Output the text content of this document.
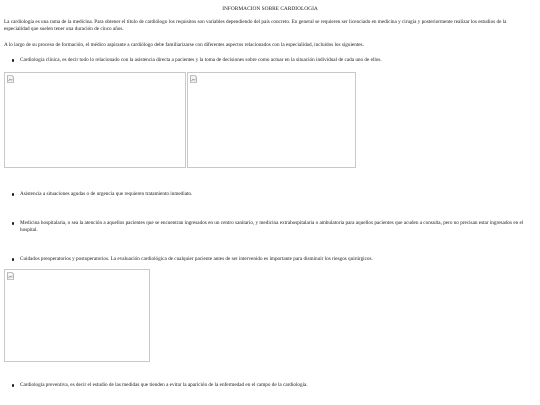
INFORMACION SOBRE CARDIOLOGIA
La cardiología es una rama de la medicina. Para obtener el título de cardiólogo los requisitos son variables dependiendo del país concreto. En general se requieren ser licenciado en medicina y cirugía y posteriormente realizar los estudios de la especialidad que suelen tener una duración de cinco años.
A lo largo de su proceso de formación, el médico aspirante a cardiólogo debe familiarizarse con diferentes aspectos relacionados con la especialidad, incluidos los siguientes.
Cardiología clínica, es decir todo lo relacionado con la asistencia directa a pacientes y la toma de decisiones sobre como actuar en la situación individual de cada uno de ellos.
Asistencia a situaciones agudas o de urgencia que requieren tratamiento inmediato.
Medicina hospitalaria, o sea la atención a aquellos pacientes que se encuentran ingresados en un centro sanitario, y medicina extrahospitalaria o ambulatoria para aquellos pacientes que acuden a consulta, pero no precisan estar ingresados en el hospital.
Cuidados preoperatorios y postoperatorios. La evaluación cardiológica de cualquier paciente antes de ser intervenido es importante para disminuir los riesgos quirúrgicos.
Cardiología preventiva, es decir el estudio de las medidas que tienden a evitar la aparición de la enfermedad en el campo de la cardiología.
